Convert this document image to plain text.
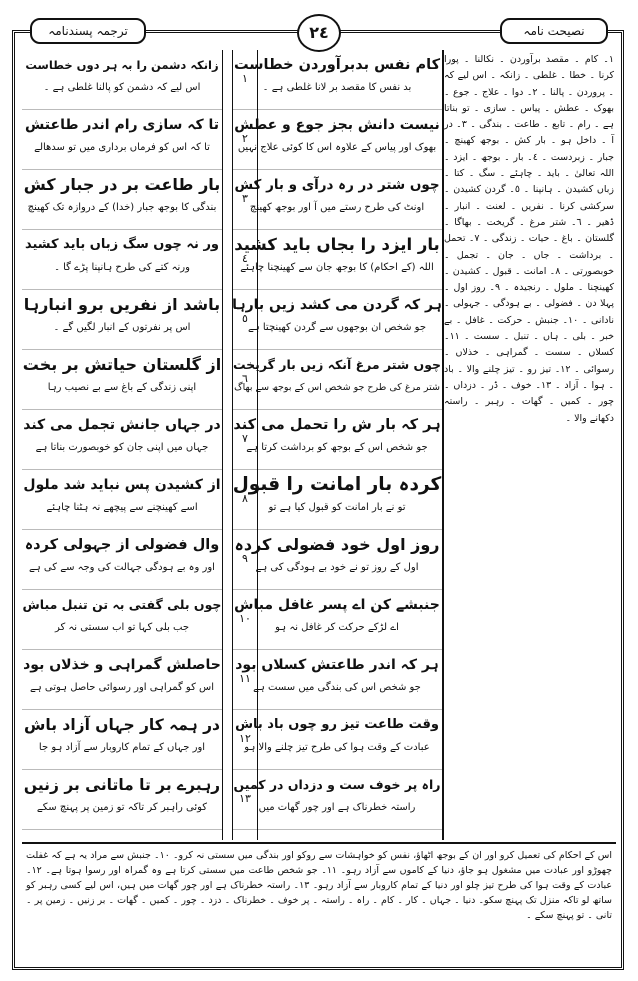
ترجمہ پسندنامہ	٢٤	نصیحت نامہ

١۔ کام ۔ مقصد برآوردن ۔ نکالنا ۔ پورا کرنا ۔ خطا ۔ غلطی ۔ زانکہ ۔ اس لیے کہ ۔ پروردن ۔ پالنا ۔ ٢۔ دوا ۔ علاج ۔ جوع ۔ بھوک ۔ عطش ۔ پیاس ۔ سازی ۔ تو بناتا ہے ۔ رام ۔ تابع ۔ طاعت ۔ بندگی ۔ ٣۔ در آ ۔ داخل ہو ۔ بار کش ۔ بوجھ کھینچ ۔ جبار ۔ زبردست ۔ ٤۔ بار ۔ بوجھ ۔ ایزد ۔ اللہ تعالیٰ ۔ باید ۔ چاہئے ۔ سگ ۔ کتا ۔ زباں کشیدن ۔ ہانپنا ۔ ٥۔ گردن کشیدن ۔ سرکشی کرنا ۔ نفریں ۔ لعنت ۔ انبار ۔ ڈھیر ۔ ٦۔ شتر مرغ ۔ گریخت ۔ بھاگا ۔ گلستان ۔ باغ ۔ حیات ۔ زندگی ۔ ٧۔ تحمل ۔ برداشت ۔ جاں ۔ جان ۔ تجمل ۔ خوبصورتی ۔ ٨۔ امانت ۔ قبول ۔ کشیدن ۔ کھینچنا ۔ ملول ۔ رنجیدہ ۔ ٩۔ روز اول ۔ پہلا دن ۔ فضولی ۔ بے ہودگی ۔ جہولی ۔ نادانی ۔ ١٠۔ جنبش ۔ حرکت ۔ غافل ۔ بے خبر ۔ بلی ۔ ہاں ۔ تنبل ۔ سست ۔ ١١۔ کسلاں ۔ سست ۔ گمراہی ۔ خذلاں ۔ رسوائی ۔ ١٢۔ تیز رو ۔ تیز چلنے والا ۔ باد ۔ ہوا ۔ آزاد ۔ ١٣۔ خوف ۔ ڈر ۔ دزداں ۔ چور ۔ کمیں ۔ گھات ۔ رہبر ۔ راستہ دکھانے والا ۔

کام نفس بدبرآوردن خطاست
بد نفس کا مقصد بر لانا غلطی ہے ۔
نیست دانش بجز جوع و عطش
بھوک اور پیاس کے علاوہ اس کا کوئی علاج نہیں
چوں شتر در رہ درآی و بار کش
اونٹ کی طرح رستے میں آ اور بوجھ کھینچ
بار ایزد را بجاں باید کشید
اللہ (کے احکام) کا بوجھ جان سے کھینچنا چاہئے
ہر کہ گردن می کشد زیں بارہا
جو شخص ان بوجھوں سے گردن کھینچتا ہے
چوں شتر مرغ آنکہ زیں بار گریخت
شتر مرغ کی طرح جو شخص اس کے بوجھ سے بھاگ
ہر کہ بار ش را تحمل می کند
جو شخص اس کے بوجھ کو برداشت کرتا ہے
کردہ بار امانت را قبول
تو نے بار امانت کو قبول کیا ہے تو
روز اول خود فضولی کردہ
اول کے روز تو نے خود بے ہودگی کی ہے
جنبشے کن اے پسر غافل مباش
اے لڑکے حرکت کر غافل نہ ہو
ہر کہ اندر طاعتش کسلاں بود
جو شخص اس کی بندگی میں سست ہے
وقت طاعت تیز رو چوں باد باش
عبادت کے وقت ہوا کی طرح تیز چلنے والا ہو
راہ پر خوف ست و دزداں در کمیں
راستہ خطرناک ہے اور چور گھات میں
١
٢
٣
٤
٥
٦
٧
٨
٩
١٠
١١
١٢
١٣
زانکہ دشمن را بہ ہر دوں خطاست
اس لیے کہ دشمن کو پالنا غلطی ہے ۔
تا کہ سازی رام اندر طاعتش
تا کہ اس کو فرماں برداری میں تو سدھالے
بار طاعت بر در جبار کش
بندگی کا بوجھ جبار (خدا) کے دروازہ تک کھینچ
ور نہ چوں سگ زباں باید کشید
ورنہ کتے کی طرح ہانپنا پڑے گا ۔
باشد از نفریں برو انبارہا
اس پر نفرتوں کے انبار لگیں گے ۔
از گلستان حیاتش بر بخت
اپنی زندگی کے باغ سے بے نصیب رہا
در جہاں جانش تجمل می کند
جہاں میں اپنی جان کو خوبصورت بناتا ہے
از کشیدن پس نباید شد ملول
اسے کھینچنے سے پیچھے نہ ہٹنا چاہئے
وال فضولی از جہولی کردہ
اور وہ بے ہودگی جہالت کی وجہ سے کی ہے
چوں بلی گفتی بہ تن تنبل مباش
جب بلی کہا تو اب سستی نہ کر
حاصلش گمراہی و خذلاں بود
اس کو گمراہی اور رسوائی حاصل ہوتی ہے
در ہمہ کار جہاں آزاد باش
اور جہاں کے تمام کاروبار سے آزاد ہو جا
رہبرے بر تا ماتانی بر زنیں
کوئی راہبر کر تاکہ تو زمین پر پہنچ سکے

اس کے احکام کی تعمیل کرو اور ان کے بوجھ اٹھاؤ، نفس کو خواہشات سے روکو اور بندگی میں سستی نہ کرو۔ ١٠۔ جنبش سے مراد یہ ہے کہ غفلت چھوڑو اور عبادت میں مشغول ہو جاؤ، دنیا کے کاموں سے آزاد رہو۔ ١١۔ جو شخص طاعت میں سستی کرتا ہے وہ گمراہ اور رسوا ہوتا ہے۔ ١٢۔ عبادت کے وقت ہوا کی طرح تیز چلو اور دنیا کے تمام کاروبار سے آزاد رہو۔ ١٣۔ راستہ خطرناک ہے اور چور گھات میں ہیں، اس لیے کسی رہبر کو ساتھ لو تاکہ منزل تک پہنچ سکو۔ دنیا ۔ جہاں ۔ کار ۔ کام ۔ راہ ۔ راستہ ۔ پر خوف ۔ خطرناک ۔ دزد ۔ چور ۔ کمیں ۔ گھات ۔ بر زنیں ۔ زمین پر ۔ تانی ۔ تو پہنچ سکے ۔
